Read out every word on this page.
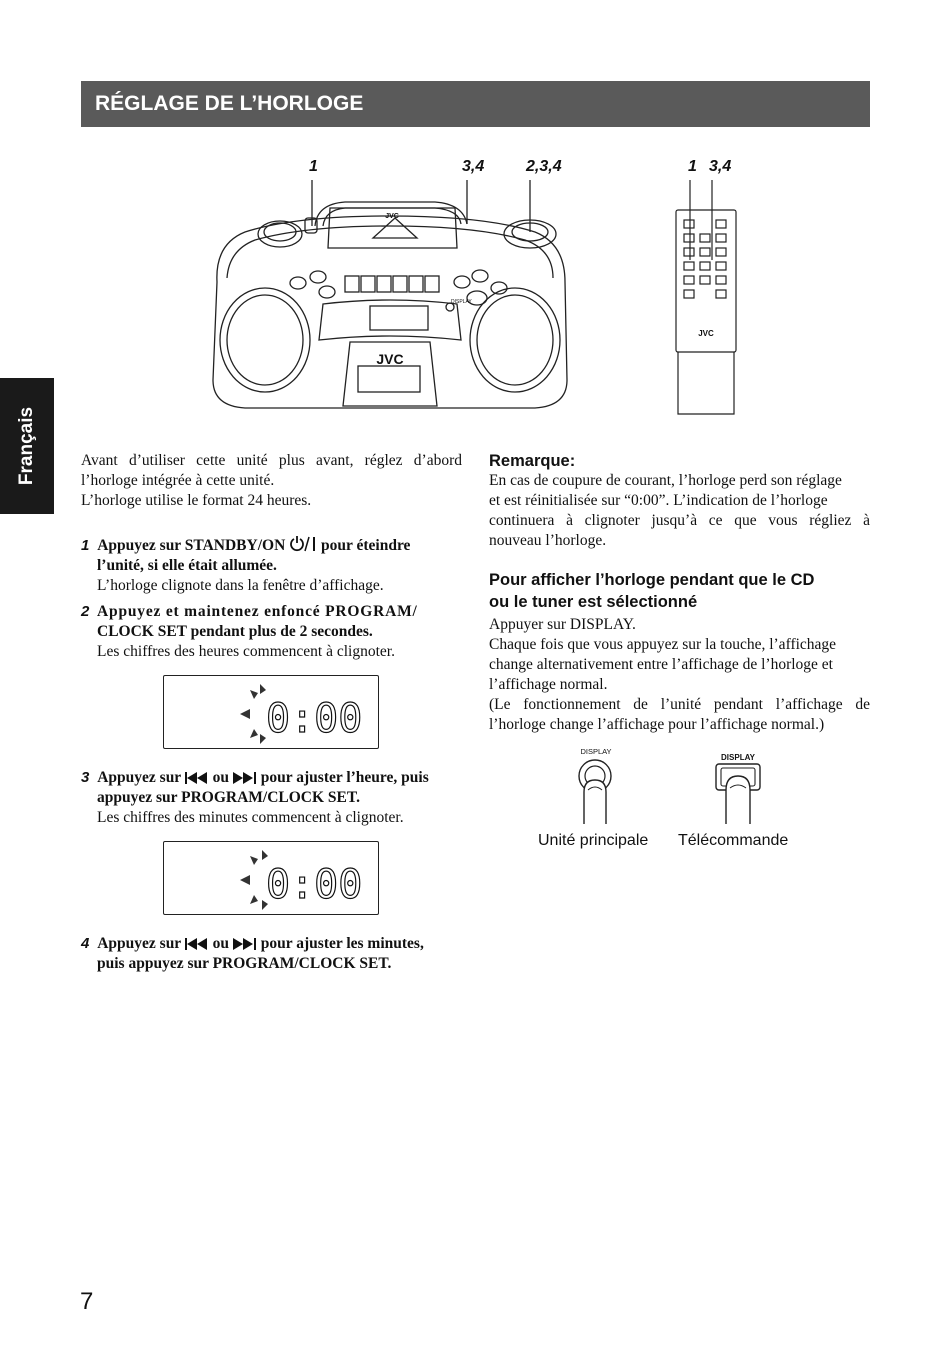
RÉGLAGE DE L’HORLOGE
Français
1	3,4	2,3,4	1 3,4
JVC
JVC
DISPLAY
JVC
Avant d’utiliser cette unité plus avant, réglez d’abord
l’horloge intégrée à cette unité.
L’horloge utilise le format 24 heures.
1 Appuyez sur STANDBY/ON pour éteindre
l’unité, si elle était allumée.
L’horloge clignote dans la fenêtre d’affichage.
2 Appuyez et maintenez enfoncé PROGRAM/
CLOCK SET pendant plus de 2 secondes.
Les chiffres des heures commencent à clignoter.
0:00
3 Appuyez sur ou pour ajuster l’heure, puis
appuyez sur PROGRAM/CLOCK SET.
Les chiffres des minutes commencent à clignoter.
0:00
4 Appuyez sur ou pour ajuster les minutes,
puis appuyez sur PROGRAM/CLOCK SET.
Remarque:
En cas de coupure de courant, l’horloge perd son réglage
et est réinitialisée sur “0:00”. L’indication de l’horloge
continuera à clignoter jusqu’à ce que vous régliez à
nouveau l’horloge.
Pour afficher l’horloge pendant que le CD
ou le tuner est sélectionné
Appuyer sur DISPLAY.
Chaque fois que vous appuyez sur la touche, l’affichage
change alternativement entre l’affichage de l’horloge et
l’affichage normal.
(Le fonctionnement de l’unité pendant l’affichage de
l’horloge change l’affichage pour l’affichage normal.)
DISPLAY
DISPLAY
Unité principale Télécommande
7
